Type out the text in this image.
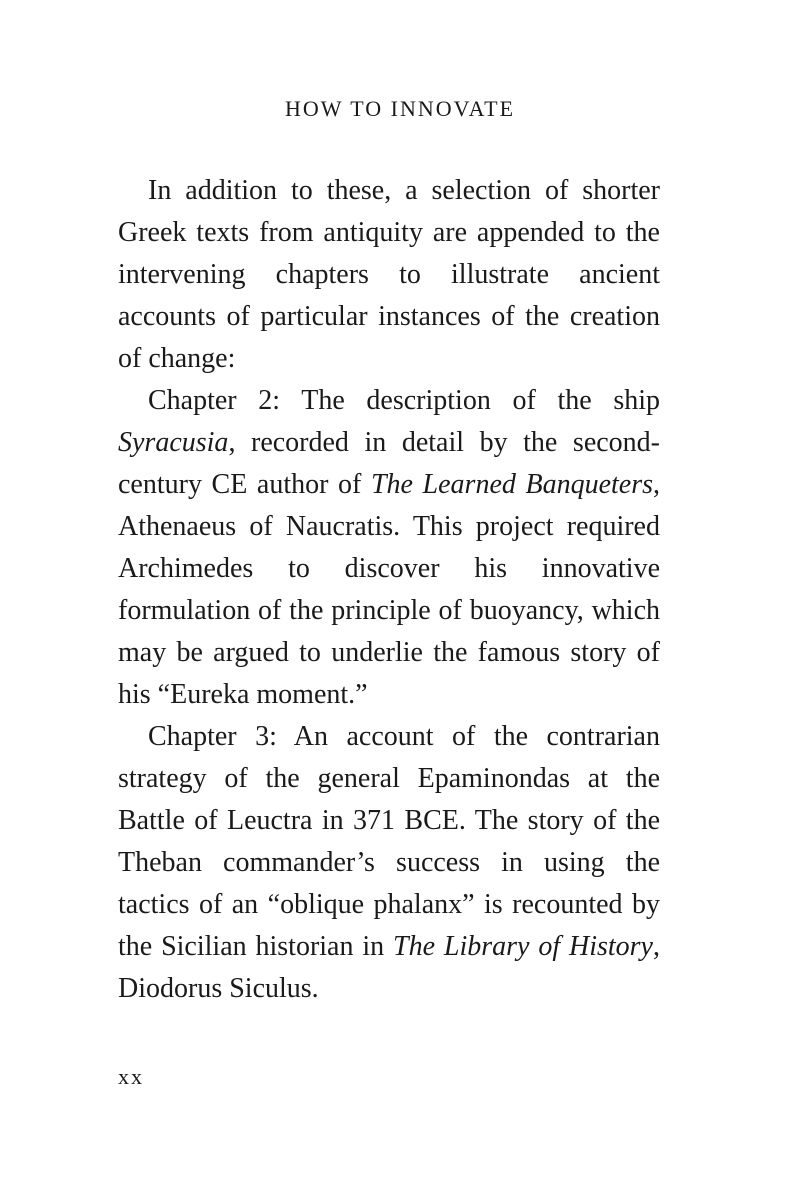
HOW TO INNOVATE

In addition to these, a selection of shorter Greek texts from antiquity are appended to the intervening chapters to illustrate ancient accounts of particular instances of the creation of change:

Chapter 2: The description of the ship Syracusia, recorded in detail by the second-century CE author of The Learned Banqueters, Athenaeus of Naucratis. This project required Archimedes to discover his innovative formulation of the principle of buoyancy, which may be argued to underlie the famous story of his “Eureka moment.”

Chapter 3: An account of the contrarian strategy of the general Epaminondas at the Battle of Leuctra in 371 BCE. The story of the Theban commander’s success in using the tactics of an “oblique phalanx” is recounted by the Sicilian historian in The Library of History, Diodorus Siculus.

xx
